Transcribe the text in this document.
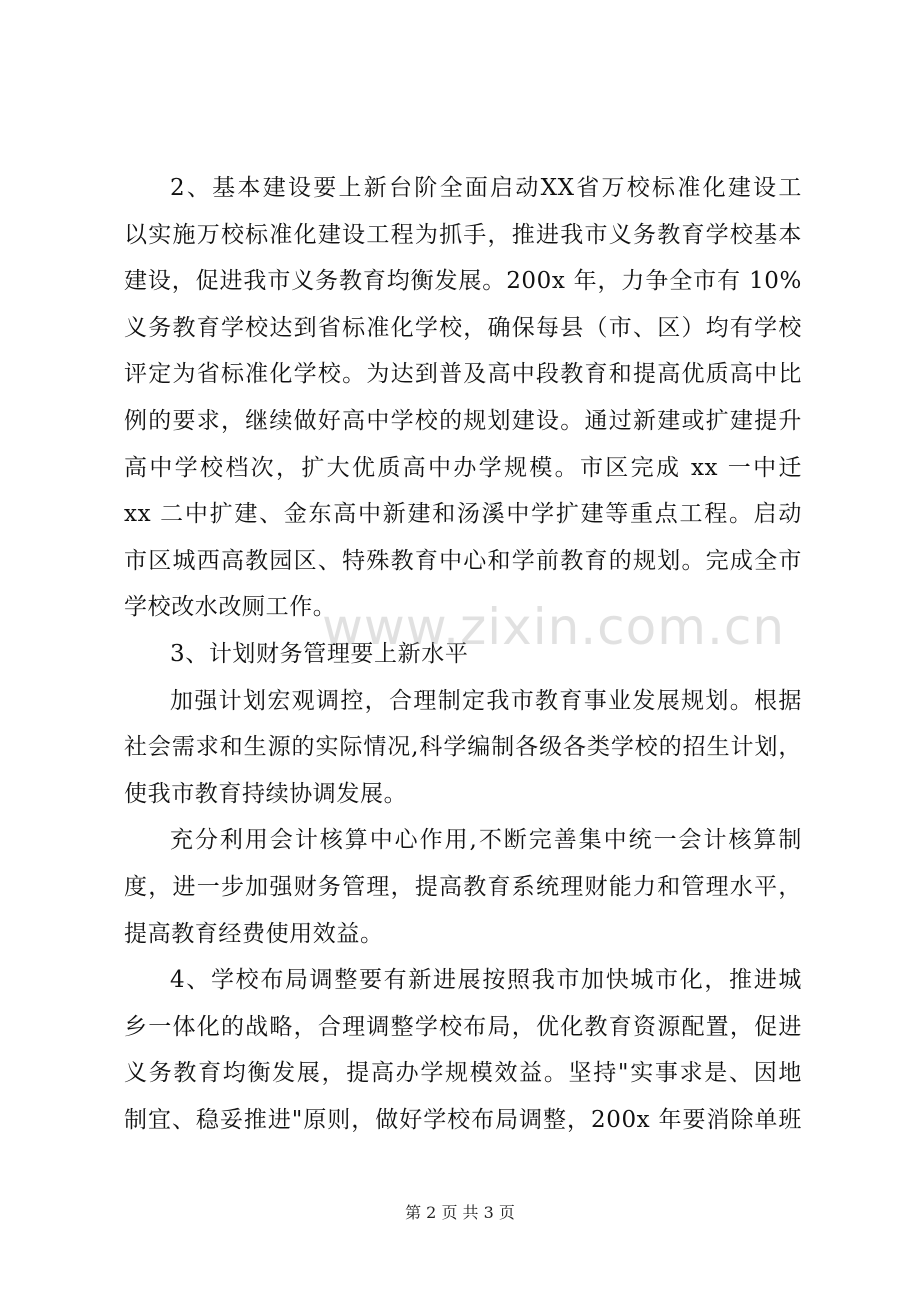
2、基本建设要上新台阶全面启动XX省万校标准化建设工
以实施万校标准化建设工程为抓手，推进我市义务教育学校基本
建设，促进我市义务教育均衡发展。200x 年，力争全市有 10%
义务教育学校达到省标准化学校，确保每县（市、区）均有学校
评定为省标准化学校。为达到普及高中段教育和提高优质高中比
例的要求，继续做好高中学校的规划建设。通过新建或扩建提升
高中学校档次，扩大优质高中办学规模。市区完成 xx 一中迁
xx 二中扩建、金东高中新建和汤溪中学扩建等重点工程。启动
市区城西高教园区、特殊教育中心和学前教育的规划。完成全市
学校改水改厕工作。
3、计划财务管理要上新水平
加强计划宏观调控，合理制定我市教育事业发展规划。根据
社会需求和生源的实际情况,科学编制各级各类学校的招生计划，
使我市教育持续协调发展。
充分利用会计核算中心作用,不断完善集中统一会计核算制
度，进一步加强财务管理，提高教育系统理财能力和管理水平，
提高教育经费使用效益。
4、学校布局调整要有新进展按照我市加快城市化，推进城
乡一体化的战略，合理调整学校布局，优化教育资源配置，促进
义务教育均衡发展，提高办学规模效益。坚持"实事求是、因地
制宜、稳妥推进"原则，做好学校布局调整，200x 年要消除单班
www.zixin.com.cn
第 2 页 共 3 页
